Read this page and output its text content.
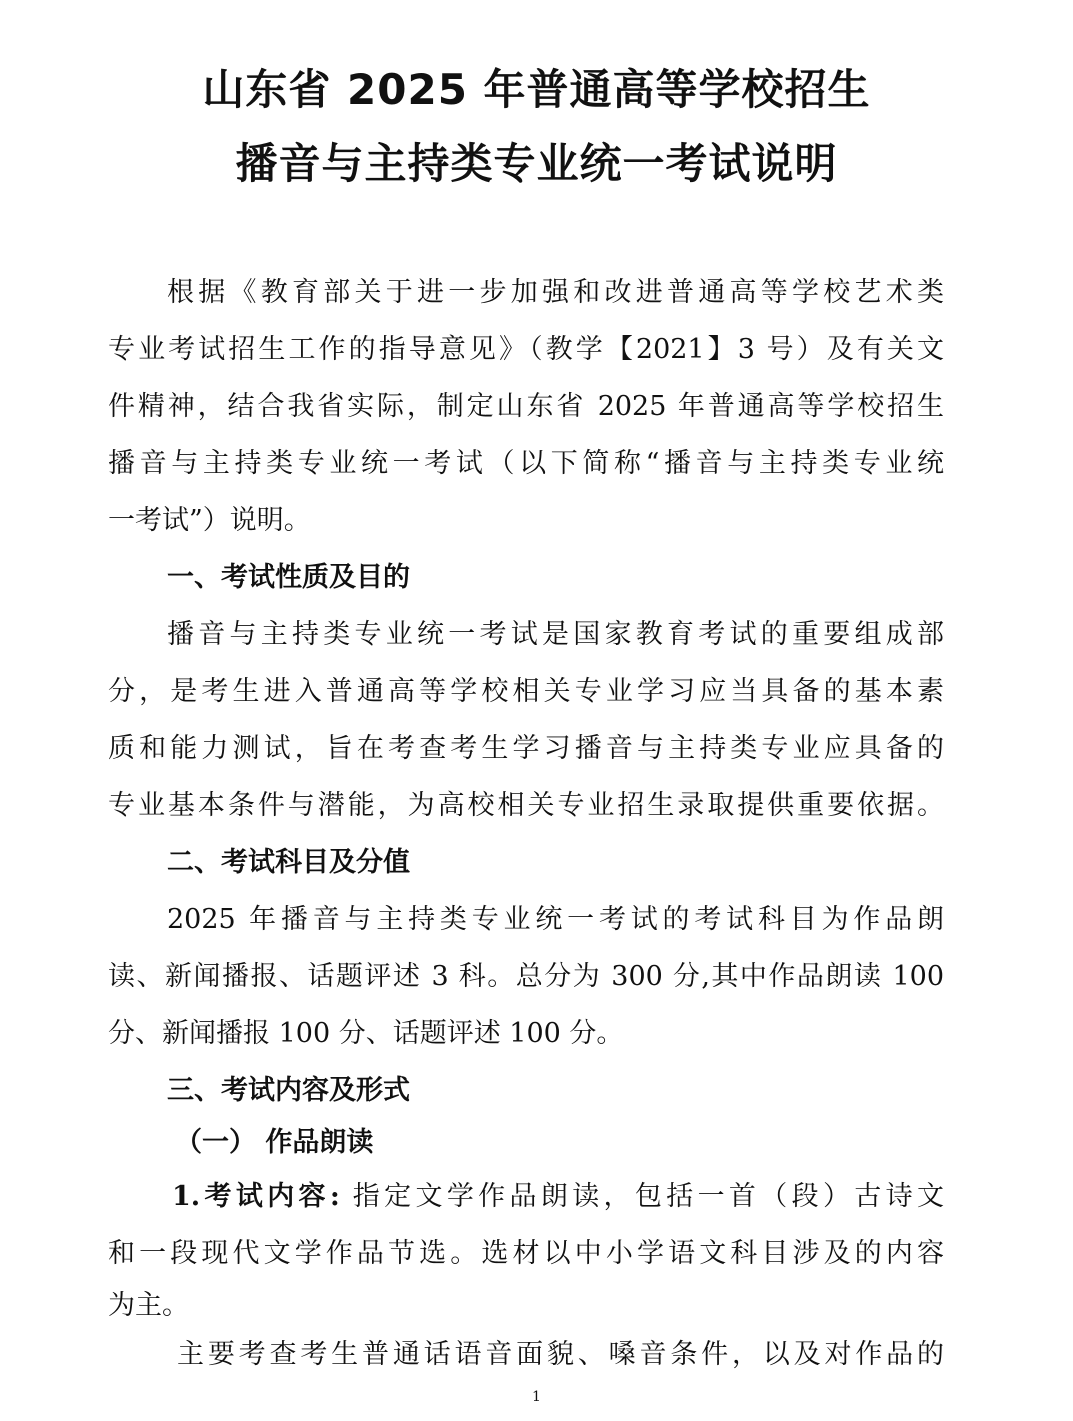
山东省 2025 年普通高等学校招生
播音与主持类专业统一考试说明
根据《教育部关于进一步加强和改进普通高等学校艺术类
专业考试招生工作的指导意见》（教学【2021】3 号）及有关文
件精神，结合我省实际，制定山东省 2025 年普通高等学校招生
播音与主持类专业统一考试（以下简称“播音与主持类专业统
一考试”）说明。
一、考试性质及目的
播音与主持类专业统一考试是国家教育考试的重要组成部
分，是考生进入普通高等学校相关专业学习应当具备的基本素
质和能力测试，旨在考查考生学习播音与主持类专业应具备的
专业基本条件与潜能，为高校相关专业招生录取提供重要依据。
二、考试科目及分值
2025 年播音与主持类专业统一考试的考试科目为作品朗
读、新闻播报、话题评述 3 科。总分为 300 分,其中作品朗读 100
分、新闻播报 100 分、话题评述 100 分。
三、考试内容及形式
（一） 作品朗读
1.考试内容: 指定文学作品朗读，包括一首（段）古诗文
和一段现代文学作品节选。选材以中小学语文科目涉及的内容
为主。
主要考查考生普通话语音面貌、嗓音条件，以及对作品的
1
